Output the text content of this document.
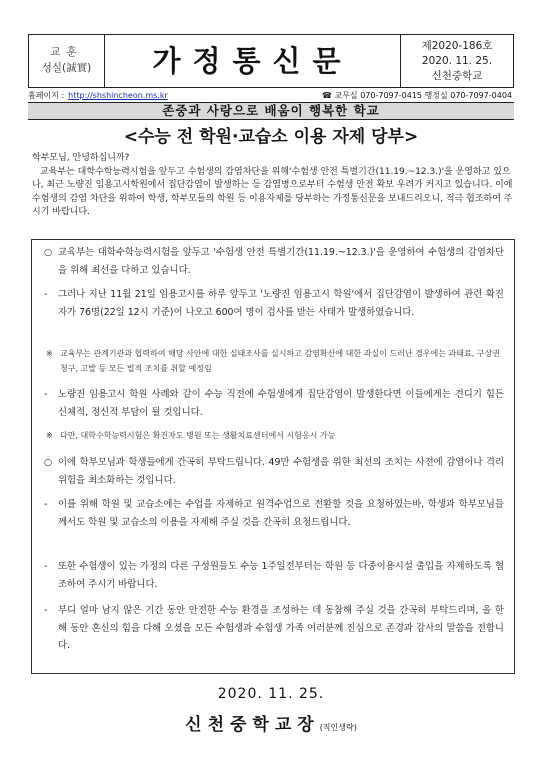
교훈
성실(誠實)	가정통신문	제2020-186호
2020. 11. 25.
신천중학교
홈페이지 : http://shshincheon.ms.kr	☎ 교무실 070-7097-0415 행정실 070-7097-0404
존중과 사랑으로 배움이 행복한 학교
<수능 전 학원·교습소 이용 자제 당부>

학부모님, 안녕하십니까?

교육부는 대학수학능력시험을 앞두고 수험생의 감염차단을 위해'수험생 안전 특별기간(11.19.~12.3.)'을 운영하고 있으나, 최근 노량진 임용고시학원에서 집단감염이 발생하는 등 감염병으로부터 수험생 안전 확보 우려가 커지고 있습니다. 이에 수험생의 감염 차단을 위하여 학생, 학부모들의 학원 등 이용자제를 당부하는 가정통신문을 보내드리오니, 적극 협조하여 주시기 바랍니다.

○ 교육부는 대학수학능력시험을 앞두고 '수험생 안전 특별기간(11.19.~12.3.)'을 운영하여 수험생의 감염차단을 위해 최선을 다하고 있습니다.
-	그러나 지난 11월 21일 임용고시를 하루 앞두고 '노량진 임용고시 학원'에서 집단감염이 발생하여 관련 확진자가 76명(22일 12시 기준)이 나오고 600여 명이 검사를 받는 사태가 발생하였습니다.
※ 교육부는 관계기관과 협력하여 해당 사안에 대한 실태조사를 실시하고 감염확산에 대한 과실이 드러난 경우에는 과태료, 구상권 청구, 고발 등 모든 법적 조치를 취할 예정임
-	노량진 임용고시 학원 사례와 같이 수능 직전에 수험생에게 집단감염이 발생한다면 이들에게는 견디기 힘든 신체적, 정신적 부담이 될 것입니다.
※ 다만, 대학수학능력시험은 확진자도 병원 또는 생활치료센터에서 시험응시 가능
○ 이에 학부모님과 학생들에게 간곡히 부탁드립니다. 49만 수험생을 위한 최선의 조치는 사전에 감염이나 격리 위험을 최소화하는 것입니다.
-	이를 위해 학원 및 교습소에는 수업을 자제하고 원격수업으로 전환할 것을 요청하였는바, 학생과 학부모님들께서도 학원 및 교습소의 이용을 자제해 주실 것을 간곡히 요청드립니다.
-	또한 수험생이 있는 가정의 다른 구성원들도 수능 1주일전부터는 학원 등 다중이용시설 출입을 자제하도록 협조하여 주시기 바랍니다.
-	부디 얼마 남지 않은 기간 동안 안전한 수능 환경을 조성하는 데 동참해 주실 것을 간곡히 부탁드리며, 올 한 해 동안 혼신의 힘을 다해 오셨을 모든 수험생과 수험생 가족 여러분께 진심으로 존경과 감사의 말씀을 전합니다.
2020. 11. 25.
신천중학교장(직인생략)
